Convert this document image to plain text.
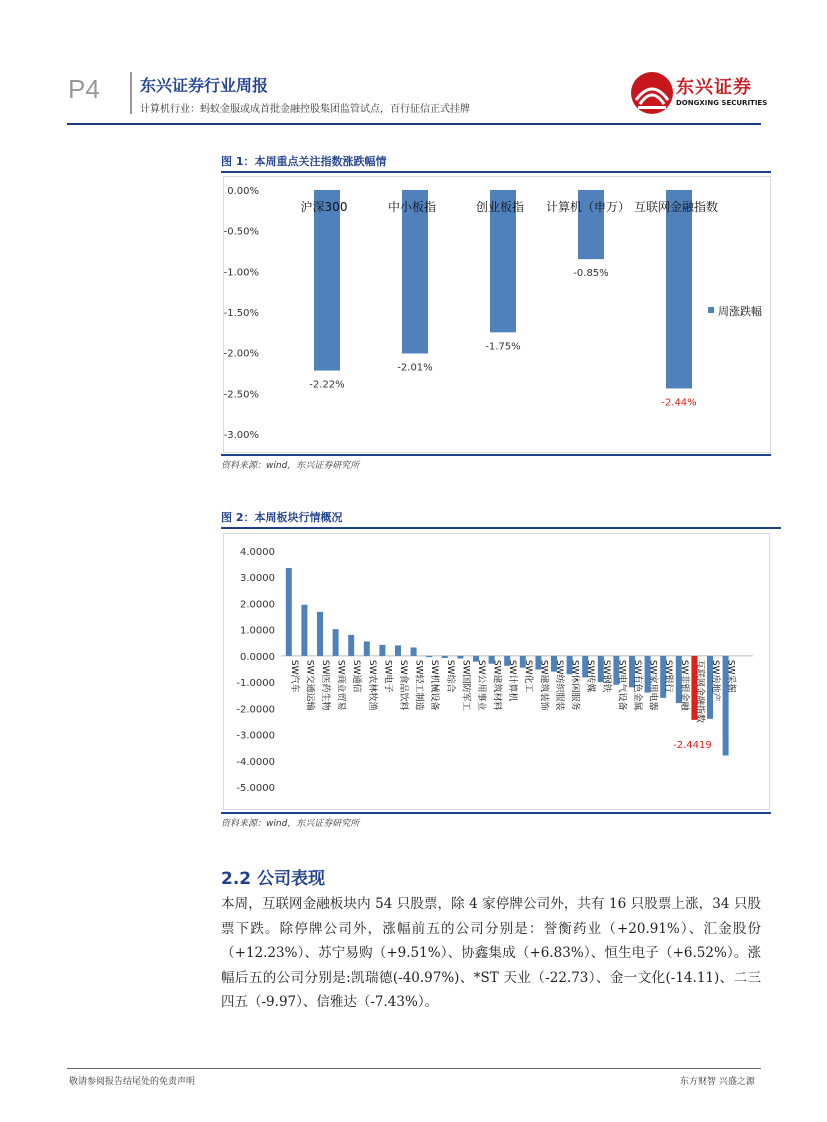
P4	东兴证券行业周报
计算机行业：蚂蚁金服或成首批金融控股集团监管试点，百行征信正式挂牌
东兴证券
DONGXING SECURITIES
图 1：本周重点关注指数涨跌幅情
0.00%
-0.50%
-1.00%
-1.50%
-2.00%
-2.50%
-3.00%
沪深300
-2.22%
中小板指
-2.01%
创业板指
-1.75%
计算机（申万）
-0.85%
互联网金融指数
-2.44%
周涨跌幅
资料来源：wind，东兴证券研究所
图 2：本周板块行情概况
4.0000
3.0000
2.0000
1.0000
0.0000
-1.0000
-2.0000
-3.0000
-4.0000
-5.0000
SW汽车 SW交通运输 SW医药生物 SW商业贸易 SW通信 SW农林牧渔 SW电子 SW食品饮料 SW轻工制造 SW机械设备 SW综合 SW国防军工 SW公用事业 SW建筑材料 SW计算机 SW化工 SW建筑装饰 SW纺织服装 SW休闲服务 SW传媒 SW钢铁 SW电气设备 SW有色金属 SW家用电器 SW银行 SW非银金融 互联网金融指数 SW房地产 SW采掘
-2.4419
资料来源：wind，东兴证券研究所
2.2 公司表现
本周，互联网金融板块内 54 只股票，除 4 家停牌公司外，共有 16 只股票上涨，34 只股票下跌。除停牌公司外，涨幅前五的公司分别是：誉衡药业（+20.91%）、汇金股份（+12.23%）、苏宁易购（+9.51%）、协鑫集成（+6.83%）、恒生电子（+6.52%）。涨幅后五的公司分别是:凯瑞德(-40.97%)、*ST 天业（-22.73）、金一文化(-14.11)、二三四五（-9.97）、信雅达（-7.43%）。
敬请参阅报告结尾处的免责声明	东方财智 兴盛之源
